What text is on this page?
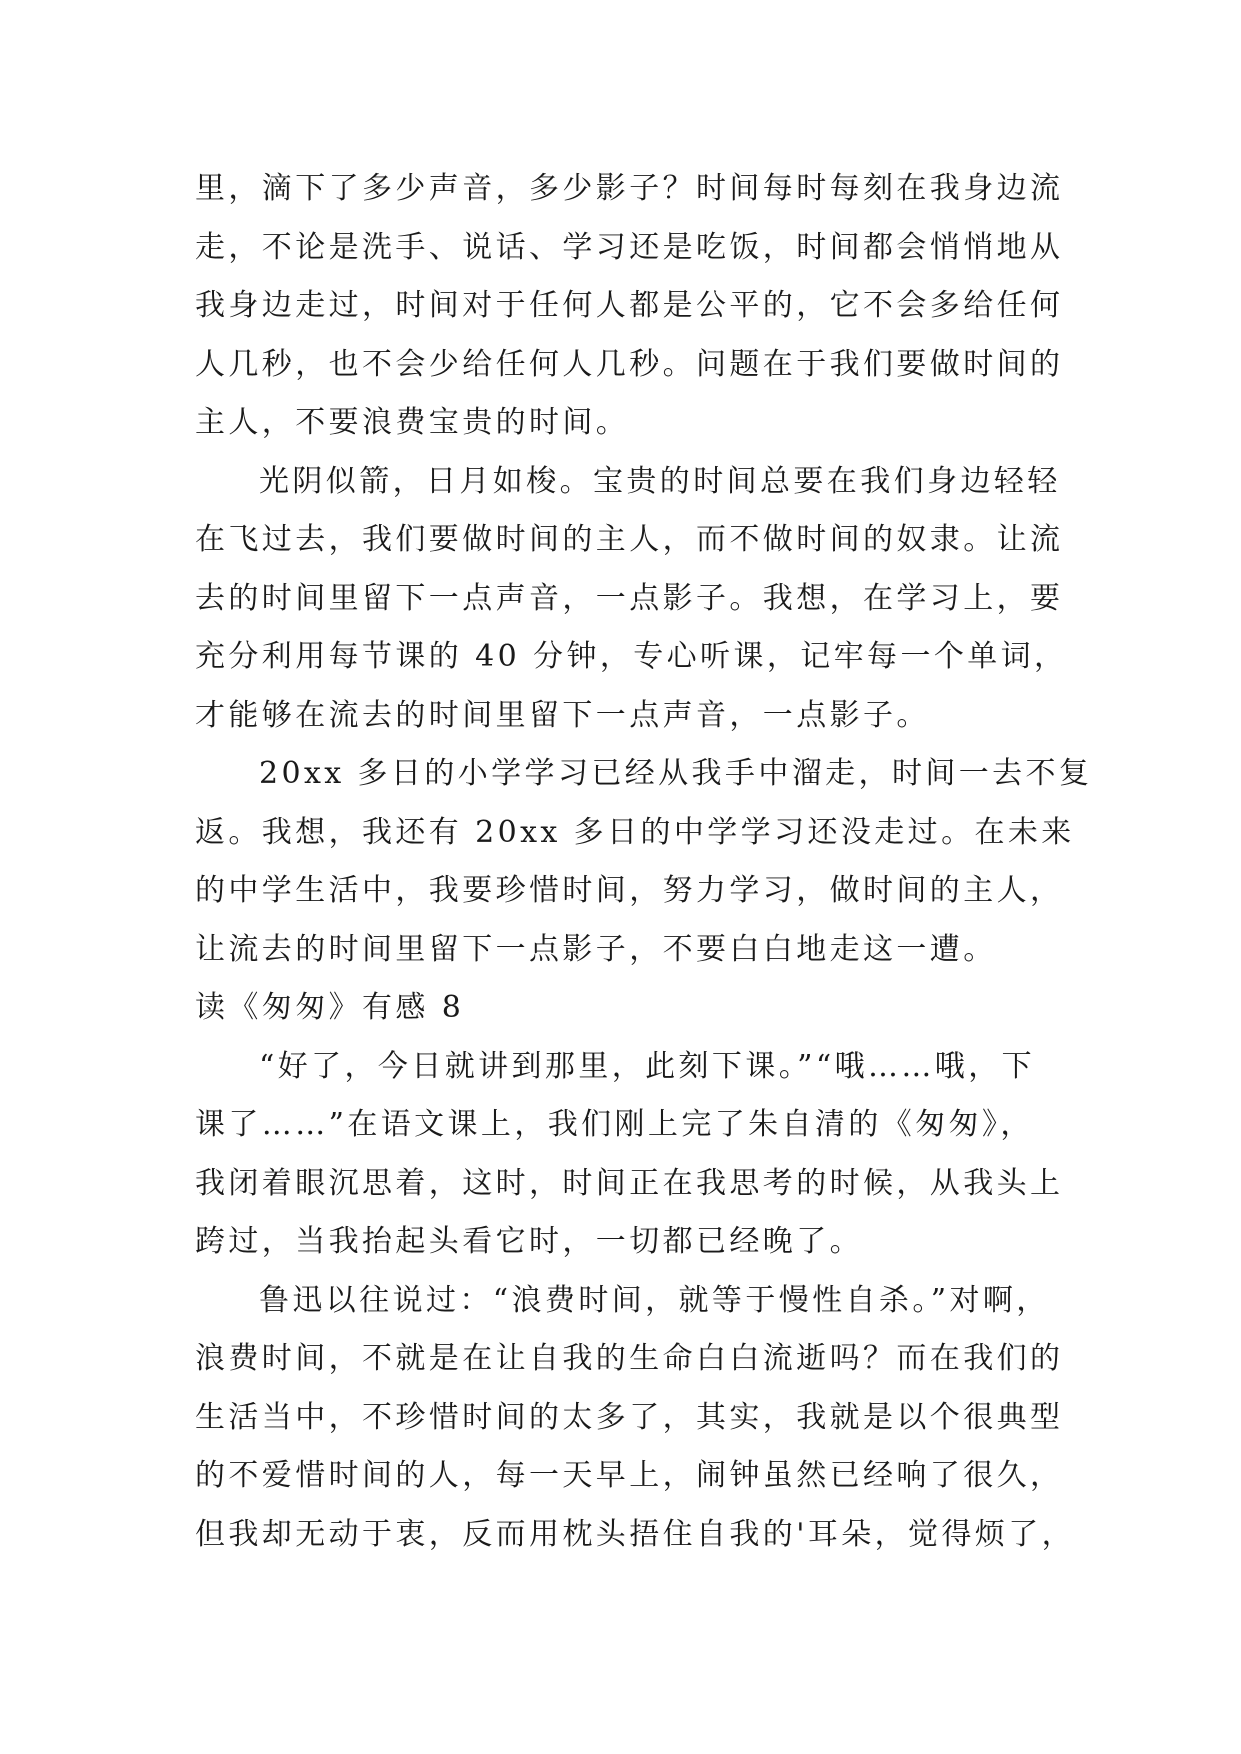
里，滴下了多少声音，多少影子？时间每时每刻在我身边流
走，不论是洗手、说话、学习还是吃饭，时间都会悄悄地从
我身边走过，时间对于任何人都是公平的，它不会多给任何
人几秒，也不会少给任何人几秒。问题在于我们要做时间的
主人，不要浪费宝贵的时间。

光阴似箭，日月如梭。宝贵的时间总要在我们身边轻轻
在飞过去，我们要做时间的主人，而不做时间的奴隶。让流
去的时间里留下一点声音，一点影子。我想，在学习上，要
充分利用每节课的 40 分钟，专心听课，记牢每一个单词，
才能够在流去的时间里留下一点声音，一点影子。

20xx 多日的小学学习已经从我手中溜走，时间一去不复
返。我想，我还有 20xx 多日的中学学习还没走过。在未来
的中学生活中，我要珍惜时间，努力学习，做时间的主人，
让流去的时间里留下一点影子，不要白白地走这一遭。

读《匆匆》有感 8

“好了，今日就讲到那里，此刻下课。”“哦……哦，下
课了……”在语文课上，我们刚上完了朱自清的《匆匆》，
我闭着眼沉思着，这时，时间正在我思考的时候，从我头上
跨过，当我抬起头看它时，一切都已经晚了。

鲁迅以往说过：“浪费时间，就等于慢性自杀。”对啊，
浪费时间，不就是在让自我的生命白白流逝吗？而在我们的
生活当中，不珍惜时间的太多了，其实，我就是以个很典型
的不爱惜时间的人，每一天早上，闹钟虽然已经响了很久，
但我却无动于衷，反而用枕头捂住自我的'耳朵，觉得烦了，
